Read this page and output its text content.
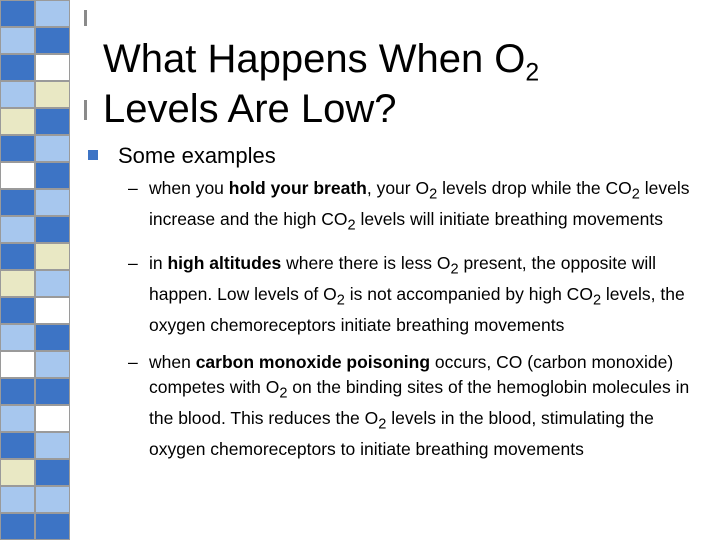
What Happens When $O_2$
Levels Are Low?
Some examples
– when you hold your breath, your $O_2$ levels drop while the $CO_2$ levels increase and the high $CO_2$ levels will initiate breathing movements
– in high altitudes where there is less $O_2$ present, the opposite will happen. Low levels of $O_2$ is not accompanied by high $CO_2$ levels, the oxygen chemoreceptors initiate breathing movements
– when carbon monoxide poisoning occurs, CO (carbon monoxide) competes with $O_2$ on the binding sites of the hemoglobin molecules in the blood. This reduces the $O_2$ levels in the blood, stimulating the oxygen chemoreceptors to initiate breathing movements
